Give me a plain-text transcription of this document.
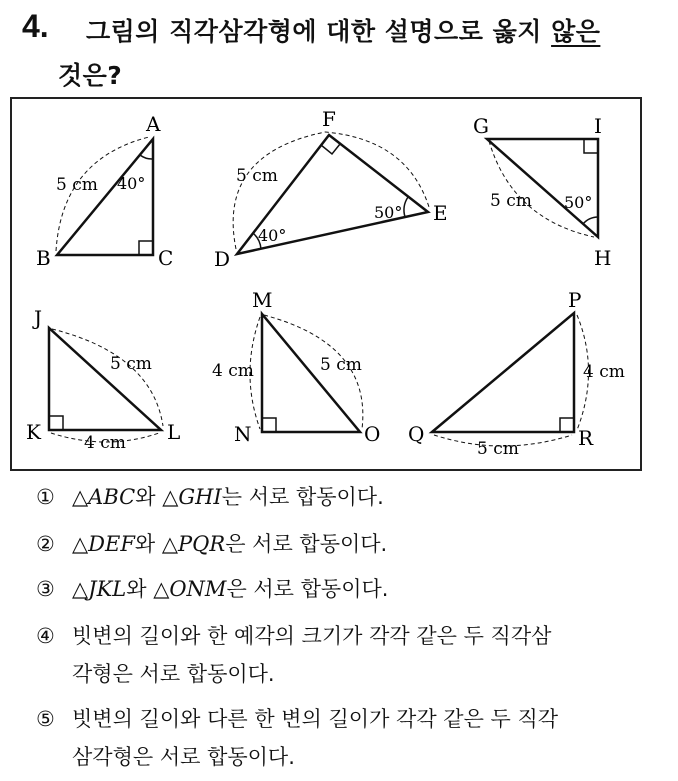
4. 그림의 직각삼각형에 대한 설명으로 옳지 않은
것은?
A
B	C
5 cm 40°
F
D
E
5 cm
40°
50°
G
H
I
5 cm 50°
J
K	L
5 cm
4 cm
M
N	O
4 cm	5 cm
P
Q	R
4 cm
5 cm
① △ABC와 △GHI는 서로 합동이다.
② △DEF와 △PQR은 서로 합동이다.
③ △JKL와 △ONM은 서로 합동이다.
④ 빗변의 길이와 한 예각의 크기가 각각 같은 두 직각삼
각형은 서로 합동이다.
⑤ 빗변의 길이와 다른 한 변의 길이가 각각 같은 두 직각
삼각형은 서로 합동이다.
